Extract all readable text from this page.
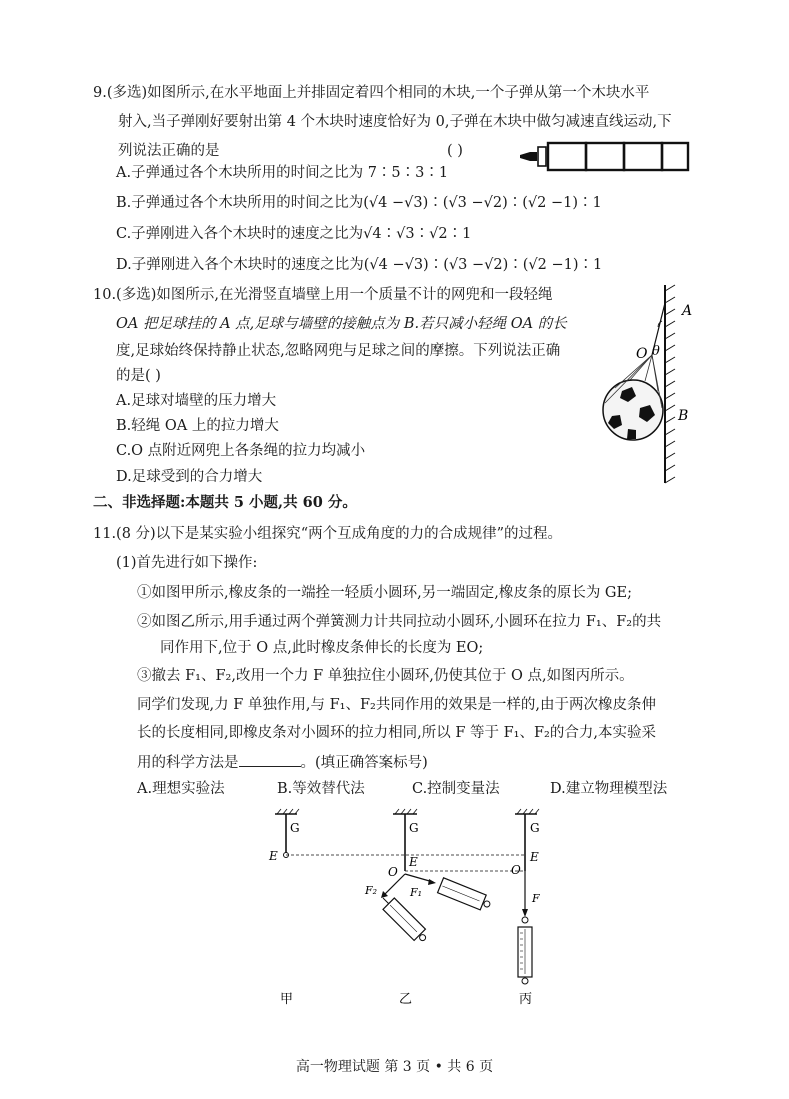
9.(多选)如图所示,在水平地面上并排固定着四个相同的木块,一个子弹从第一个木块水平
射入,当子弹刚好要射出第 4 个木块时速度恰好为 0,子弹在木块中做匀减速直线运动,下
列说法正确的是	( )
A.子弹通过各个木块所用的时间之比为 7∶5∶3∶1
B.子弹通过各个木块所用的时间之比为(√4 −√3)∶(√3 −√2)∶(√2 −1)∶1
C.子弹刚进入各个木块时的速度之比为√4∶√3∶√2∶1
D.子弹刚进入各个木块时的速度之比为(√4 −√3)∶(√3 −√2)∶(√2 −1)∶1
10.(多选)如图所示,在光滑竖直墙壁上用一个质量不计的网兜和一段轻绳
OA 把足球挂的 A 点,足球与墙壁的接触点为 B.若只减小轻绳 OA 的长
度,足球始终保持静止状态,忽略网兜与足球之间的摩擦。下列说法正确
的是( )
A.足球对墙壁的压力增大
B.轻绳 OA 上的拉力增大
C.O 点附近网兜上各条绳的拉力均减小
D.足球受到的合力增大
A
O θ
B
二、非选择题:本题共 5 小题,共 60 分。
11.(8 分)以下是某实验小组探究“两个互成角度的力的合成规律”的过程。
(1)首先进行如下操作:
①如图甲所示,橡皮条的一端拴一轻质小圆环,另一端固定,橡皮条的原长为 GE;
②如图乙所示,用手通过两个弹簧测力计共同拉动小圆环,小圆环在拉力 F₁、F₂的共
同作用下,位于 O 点,此时橡皮条伸长的长度为 EO;
③撤去 F₁、F₂,改用一个力 F 单独拉住小圆环,仍使其位于 O 点,如图丙所示。
同学们发现,力 F 单独作用,与 F₁、F₂共同作用的效果是一样的,由于两次橡皮条伸
长的长度相同,即橡皮条对小圆环的拉力相同,所以 F 等于 F₁、F₂的合力,本实验采
用的科学方法是	。(填正确答案标号)
A.理想实验法	B.等效替代法	C.控制变量法	D.建立物理模型法
G
E
G
E
O
F₂	F₁
乙
G
E
O
F
丙
甲
高一物理试题 第 3 页 • 共 6 页
